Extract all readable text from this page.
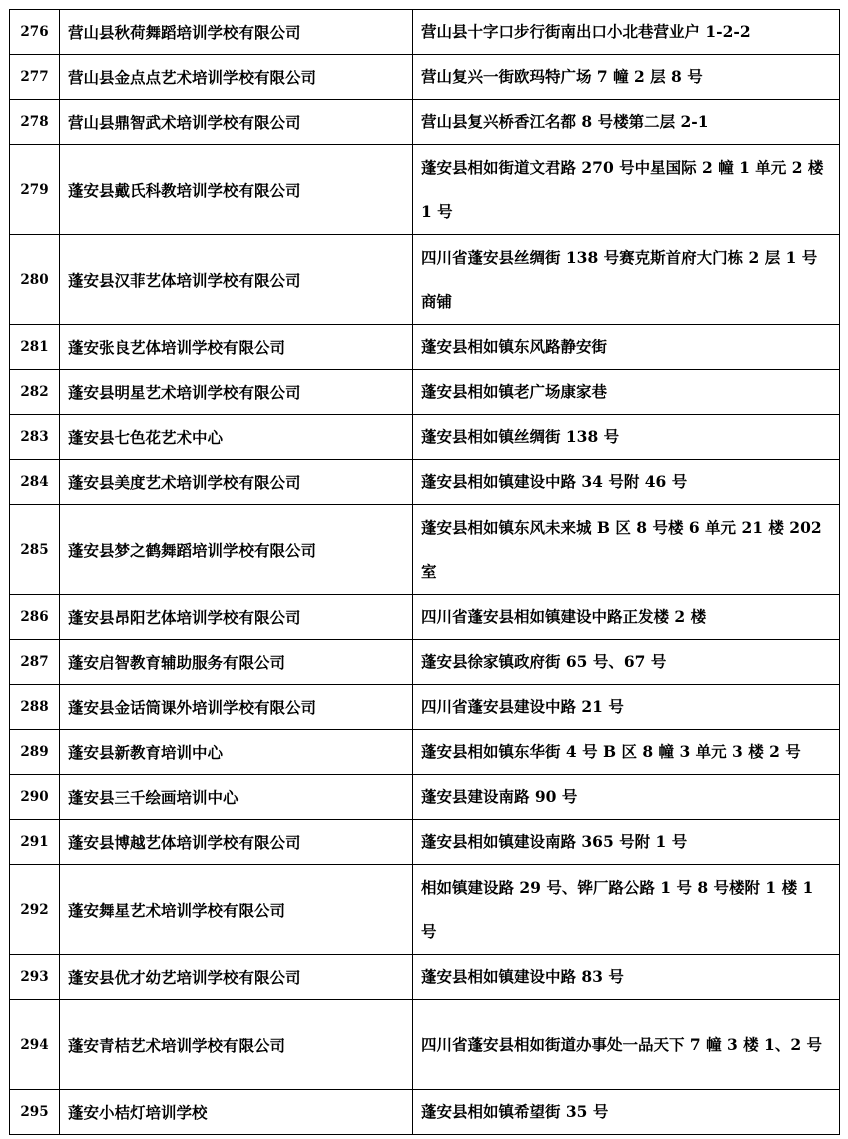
276	营山县秋荷舞蹈培训学校有限公司	营山县十字口步行街南出口小北巷营业户 1-2-2
277	营山县金点点艺术培训学校有限公司	营山复兴一街欧玛特广场 7 幢 2 层 8 号
278	营山县鼎智武术培训学校有限公司	营山县复兴桥香江名都 8 号楼第二层 2-1
279	蓬安县戴氏科教培训学校有限公司	蓬安县相如街道文君路 270 号中星国际 2 幢 1 单元 2 楼 1 号
280	蓬安县汉菲艺体培训学校有限公司	四川省蓬安县丝绸街 138 号赛克斯首府大门栋 2 层 1 号商铺
281	蓬安张良艺体培训学校有限公司	蓬安县相如镇东风路静安街
282	蓬安县明星艺术培训学校有限公司	蓬安县相如镇老广场康家巷
283	蓬安县七色花艺术中心	蓬安县相如镇丝绸街 138 号
284	蓬安县美度艺术培训学校有限公司	蓬安县相如镇建设中路 34 号附 46 号
285	蓬安县梦之鹤舞蹈培训学校有限公司	蓬安县相如镇东风未来城 B 区 8 号楼 6 单元 21 楼 202 室
286	蓬安县昂阳艺体培训学校有限公司	四川省蓬安县相如镇建设中路正发楼 2 楼
287	蓬安启智教育辅助服务有限公司	蓬安县徐家镇政府街 65 号、67 号
288	蓬安县金话筒课外培训学校有限公司	四川省蓬安县建设中路 21 号
289	蓬安县新教育培训中心	蓬安县相如镇东华街 4 号 B 区 8 幢 3 单元 3 楼 2 号
290	蓬安县三千绘画培训中心	蓬安县建设南路 90 号
291	蓬安县博越艺体培训学校有限公司	蓬安县相如镇建设南路 365 号附 1 号
292	蓬安舞星艺术培训学校有限公司	相如镇建设路 29 号、铧厂路公路 1 号 8 号楼附 1 楼 1 号
293	蓬安县优才幼艺培训学校有限公司	蓬安县相如镇建设中路 83 号
294	蓬安青桔艺术培训学校有限公司	四川省蓬安县相如街道办事处一品天下 7 幢 3 楼 1、2 号
295	蓬安小桔灯培训学校	蓬安县相如镇希望街 35 号
